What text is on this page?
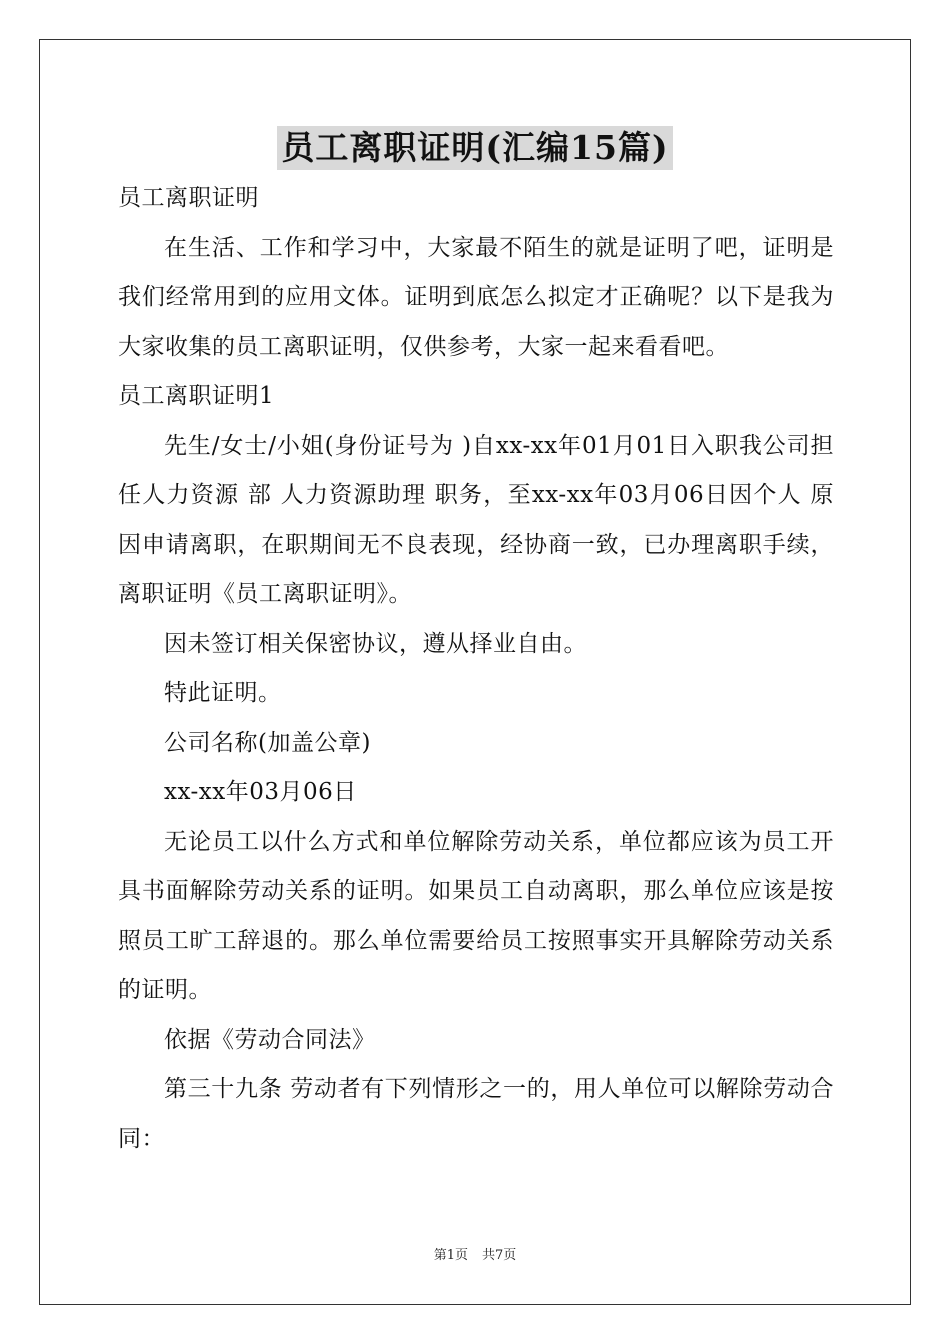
员工离职证明(汇编15篇)

员工离职证明

在生活、工作和学习中，大家最不陌生的就是证明了吧，证明是我们经常用到的应用文体。证明到底怎么拟定才正确呢？以下是我为大家收集的员工离职证明，仅供参考，大家一起来看看吧。

员工离职证明1

先生/女士/小姐(身份证号为 )自xx-xx年01月01日入职我公司担任人力资源 部 人力资源助理 职务，至xx-xx年03月06日因个人 原因申请离职，在职期间无不良表现，经协商一致，已办理离职手续，离职证明《员工离职证明》。

因未签订相关保密协议，遵从择业自由。

特此证明。

公司名称(加盖公章)

xx-xx年03月06日

无论员工以什么方式和单位解除劳动关系，单位都应该为员工开具书面解除劳动关系的证明。如果员工自动离职，那么单位应该是按照员工旷工辞退的。那么单位需要给员工按照事实开具解除劳动关系的证明。

依据《劳动合同法》

第三十九条 劳动者有下列情形之一的，用人单位可以解除劳动合同：

第1页 共7页
